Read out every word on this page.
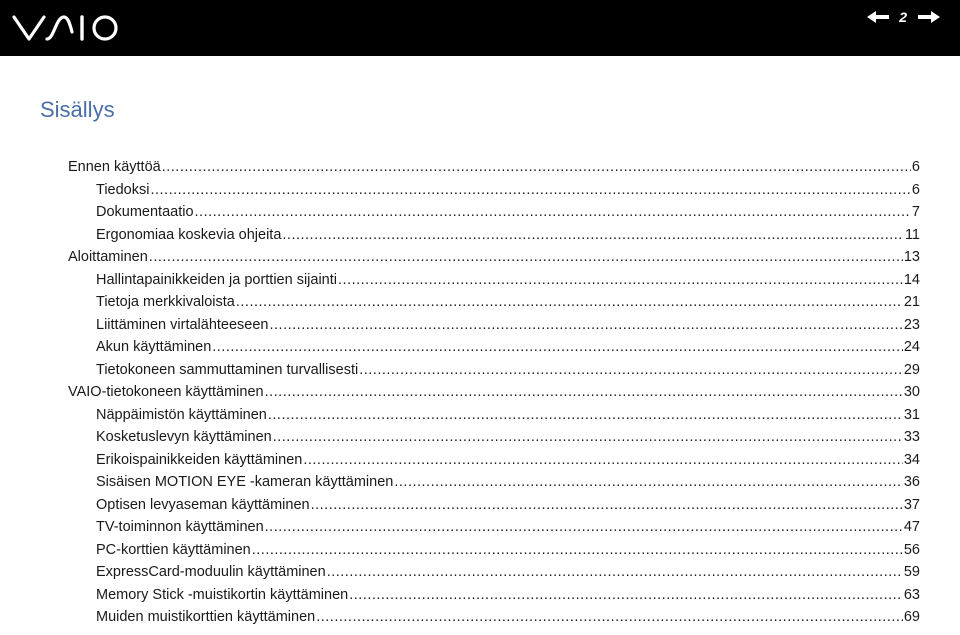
2
Sisällys
Ennen käyttöä .....	6
Tiedoksi .....	6
Dokumentaatio .....	7
Ergonomiaa koskevia ohjeita .....	11
Aloittaminen .....	13
Hallintapainikkeiden ja porttien sijainti .....	14
Tietoja merkkivaloista .....	21
Liittäminen virtalähteeseen .....	23
Akun käyttäminen .....	24
Tietokoneen sammuttaminen turvallisesti .....	29
VAIO-tietokoneen käyttäminen .....	30
Näppäimistön käyttäminen .....	31
Kosketuslevyn käyttäminen .....	33
Erikoispainikkeiden käyttäminen .....	34
Sisäisen MOTION EYE -kameran käyttäminen .....	36
Optisen levyaseman käyttäminen .....	37
TV-toiminnon käyttäminen .....	47
PC-korttien käyttäminen .....	56
ExpressCard-moduulin käyttäminen .....	59
Memory Stick -muistikortin käyttäminen .....	63
Muiden muistikorttien käyttäminen .....	69
